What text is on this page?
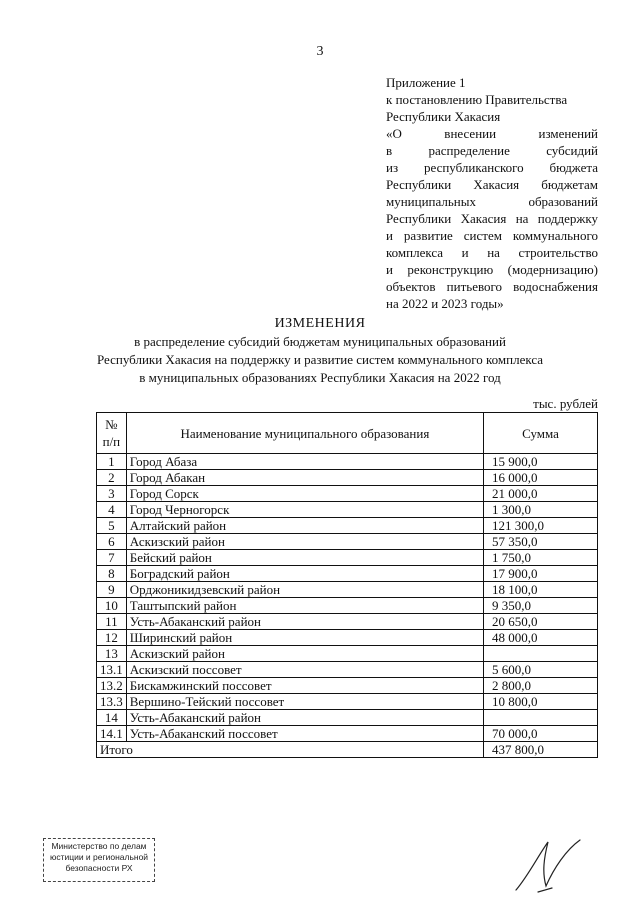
3
Приложение 1
к постановлению Правительства
Республики Хакасия
«О внесении изменений
в распределение субсидий
из республиканского бюджета
Республики Хакасия бюджетам
муниципальных образований
Республики Хакасия на поддержку
и развитие систем коммунального
комплекса и на строительство
и реконструкцию (модернизацию)
объектов питьевого водоснабжения
на 2022 и 2023 годы»
ИЗМЕНЕНИЯ
в распределение субсидий бюджетам муниципальных образований
Республики Хакасия на поддержку и развитие систем коммунального комплекса
в муниципальных образованиях Республики Хакасия на 2022 год
тыс. рублей
№ п/п	Наименование муниципального образования	Сумма
1	Город Абаза	15 900,0
2	Город Абакан	16 000,0
3	Город Сорск	21 000,0
4	Город Черногорск	1 300,0
5	Алтайский район	121 300,0
6	Аскизский район	57 350,0
7	Бейский район	1 750,0
8	Боградский район	17 900,0
9	Орджоникидзевский район	18 100,0
10	Таштыпский район	9 350,0
11	Усть-Абаканский район	20 650,0
12	Ширинский район	48 000,0
13	Аскизский район	
13.1	Аскизский поссовет	5 600,0
13.2	Бискамжинский поссовет	2 800,0
13.3	Вершино-Тейский поссовет	10 800,0
14	Усть-Абаканский район	
14.1	Усть-Абаканский поссовет	70 000,0
Итого		437 800,0
Министерство по делам
юстиции и региональной
безопасности РХ
